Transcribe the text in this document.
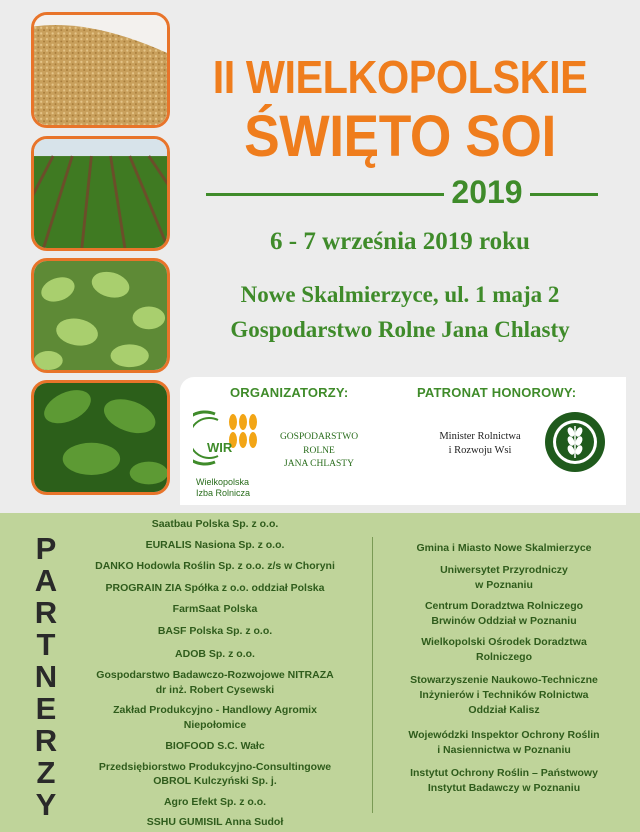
II WIELKOPOLSKIE
ŚWIĘTO SOI
2019
6 - 7 września 2019 roku
Nowe Skalmierzyce, ul. 1 maja 2
Gospodarstwo Rolne Jana Chlasty
ORGANIZATORZY:	PATRONAT HONOROWY:
WIR
Wielkopolska
Izba Rolnicza
GOSPODARSTWO
ROLNE
JANA CHLASTY
Minister Rolnictwa
i Rozwoju Wsi
P
A
R
T
N
E
R
Z
Y
Saatbau Polska Sp. z o.o.
EURALIS Nasiona Sp. z o.o.
DANKO Hodowla Roślin Sp. z o.o. z/s w Choryni
PROGRAIN ZIA Spółka z o.o. oddział Polska
FarmSaat Polska
BASF Polska Sp. z o.o.
ADOB Sp. z o.o.
Gospodarstwo Badawczo-Rozwojowe NITRAZA
dr inż. Robert Cysewski
Zakład Produkcyjno - Handlowy Agromix
Niepołomice
BIOFOOD S.C. Wałc
Przedsiębiorstwo Produkcyjno-Consultingowe
OBROL Kulczyński Sp. j.
Agro Efekt Sp. z o.o.
SSHU GUMISIL Anna Sudoł
Gmina i Miasto Nowe Skalmierzyce
Uniwersytet Przyrodniczy
w Poznaniu
Centrum Doradztwa Rolniczego
Brwinów Oddział w Poznaniu
Wielkopolski Ośrodek Doradztwa
Rolniczego
Stowarzyszenie Naukowo-Techniczne
Inżynierów i Techników Rolnictwa
Oddział Kalisz
Wojewódzki Inspektor Ochrony Roślin
i Nasiennictwa w Poznaniu
Instytut Ochrony Roślin – Państwowy
Instytut Badawczy w Poznaniu
